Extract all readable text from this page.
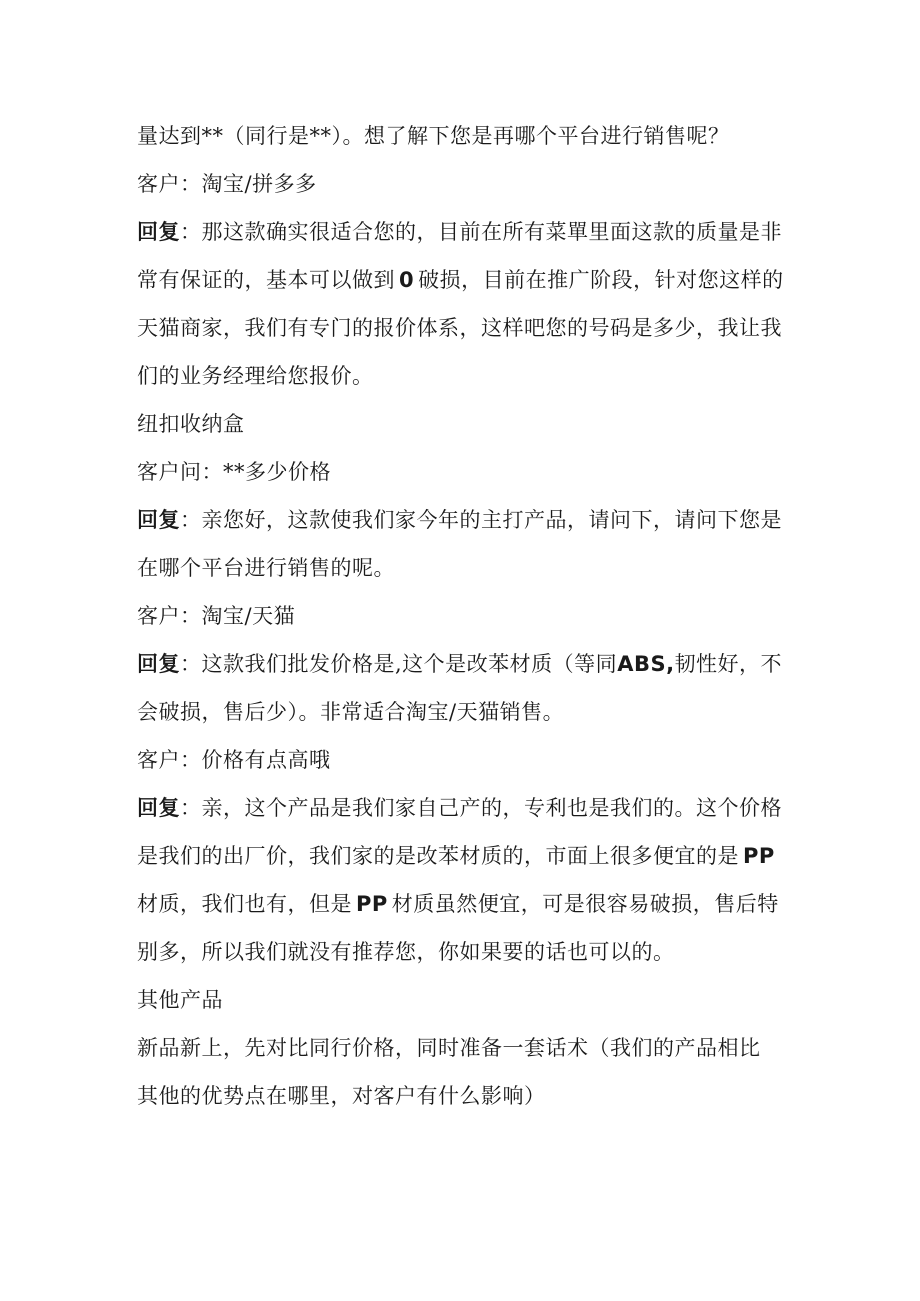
量达到**（同行是**）。想了解下您是再哪个平台进行销售呢？
客户：淘宝/拼多多
回复：那这款确实很适合您的，目前在所有菜單里面这款的质量是非
常有保证的，基本可以做到 0 破损，目前在推广阶段，针对您这样的
天猫商家，我们有专门的报价体系，这样吧您的号码是多少，我让我
们的业务经理给您报价。
纽扣收纳盒
客户问：**多少价格
回复：亲您好，这款使我们家今年的主打产品，请问下，请问下您是
在哪个平台进行销售的呢。
客户：淘宝/天猫
回复：这款我们批发价格是,这个是改苯材质（等同ABS,韧性好，不
会破损，售后少）。非常适合淘宝/天猫销售。
客户：价格有点高哦
回复：亲，这个产品是我们家自己产的，专利也是我们的。这个价格
是我们的出厂价，我们家的是改苯材质的，市面上很多便宜的是 PP
材质，我们也有，但是 PP 材质虽然便宜，可是很容易破损，售后特
别多，所以我们就没有推荐您，你如果要的话也可以的。
其他产品
新品新上，先对比同行价格，同时准备一套话术（我们的产品相比
其他的优势点在哪里，对客户有什么影响）
